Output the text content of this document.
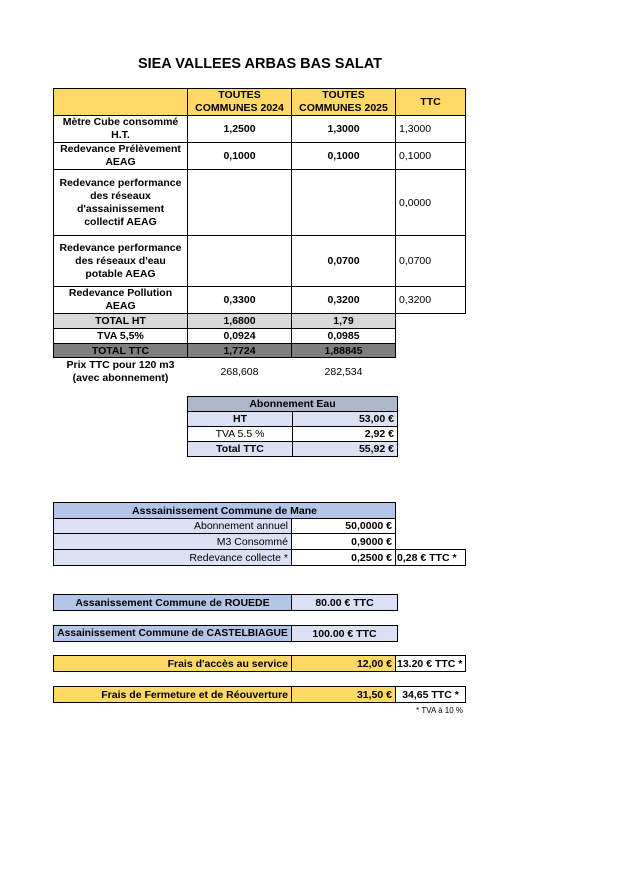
SIEA VALLEES ARBAS BAS SALAT
	TOUTES COMMUNES 2024	TOUTES COMMUNES 2025	TTC
Mètre Cube consommé H.T.	1,2500	1,3000	1,3000
Redevance Prélèvement AEAG	0,1000	0,1000	0,1000
Redevance performance des réseaux d'assainissement collectif AEAG			0,0000
Redevance performance des réseaux d'eau potable AEAG		0,0700	0,0700
Redevance Pollution AEAG	0,3300	0,3200	0,3200
TOTAL HT	1,6800	1,79	
TVA 5,5%	0,0924	0,0985	
TOTAL TTC	1,7724	1,88845	
Prix TTC pour 120 m3 (avec abonnement)	268,608	282,534	
Abonnement Eau	
HT	53,00 €
TVA 5.5 %	2,92 €
Total TTC	55,92 €
Asssainissement Commune de Mane		
Abonnement annuel	50,0000 €	
M3 Consommé	0,9000 €	
Redevance collecte *	0,2500 €	0,28 € TTC *
Assanissement Commune de ROUEDE	80.00 € TTC
Assainissement Commune de CASTELBIAGUE	100.00 € TTC
Frais d'accès au service	12,00 €	13.20 € TTC *
Frais de Fermeture et de Réouverture	31,50 €	34,65 TTC *
* TVA à 10 %
